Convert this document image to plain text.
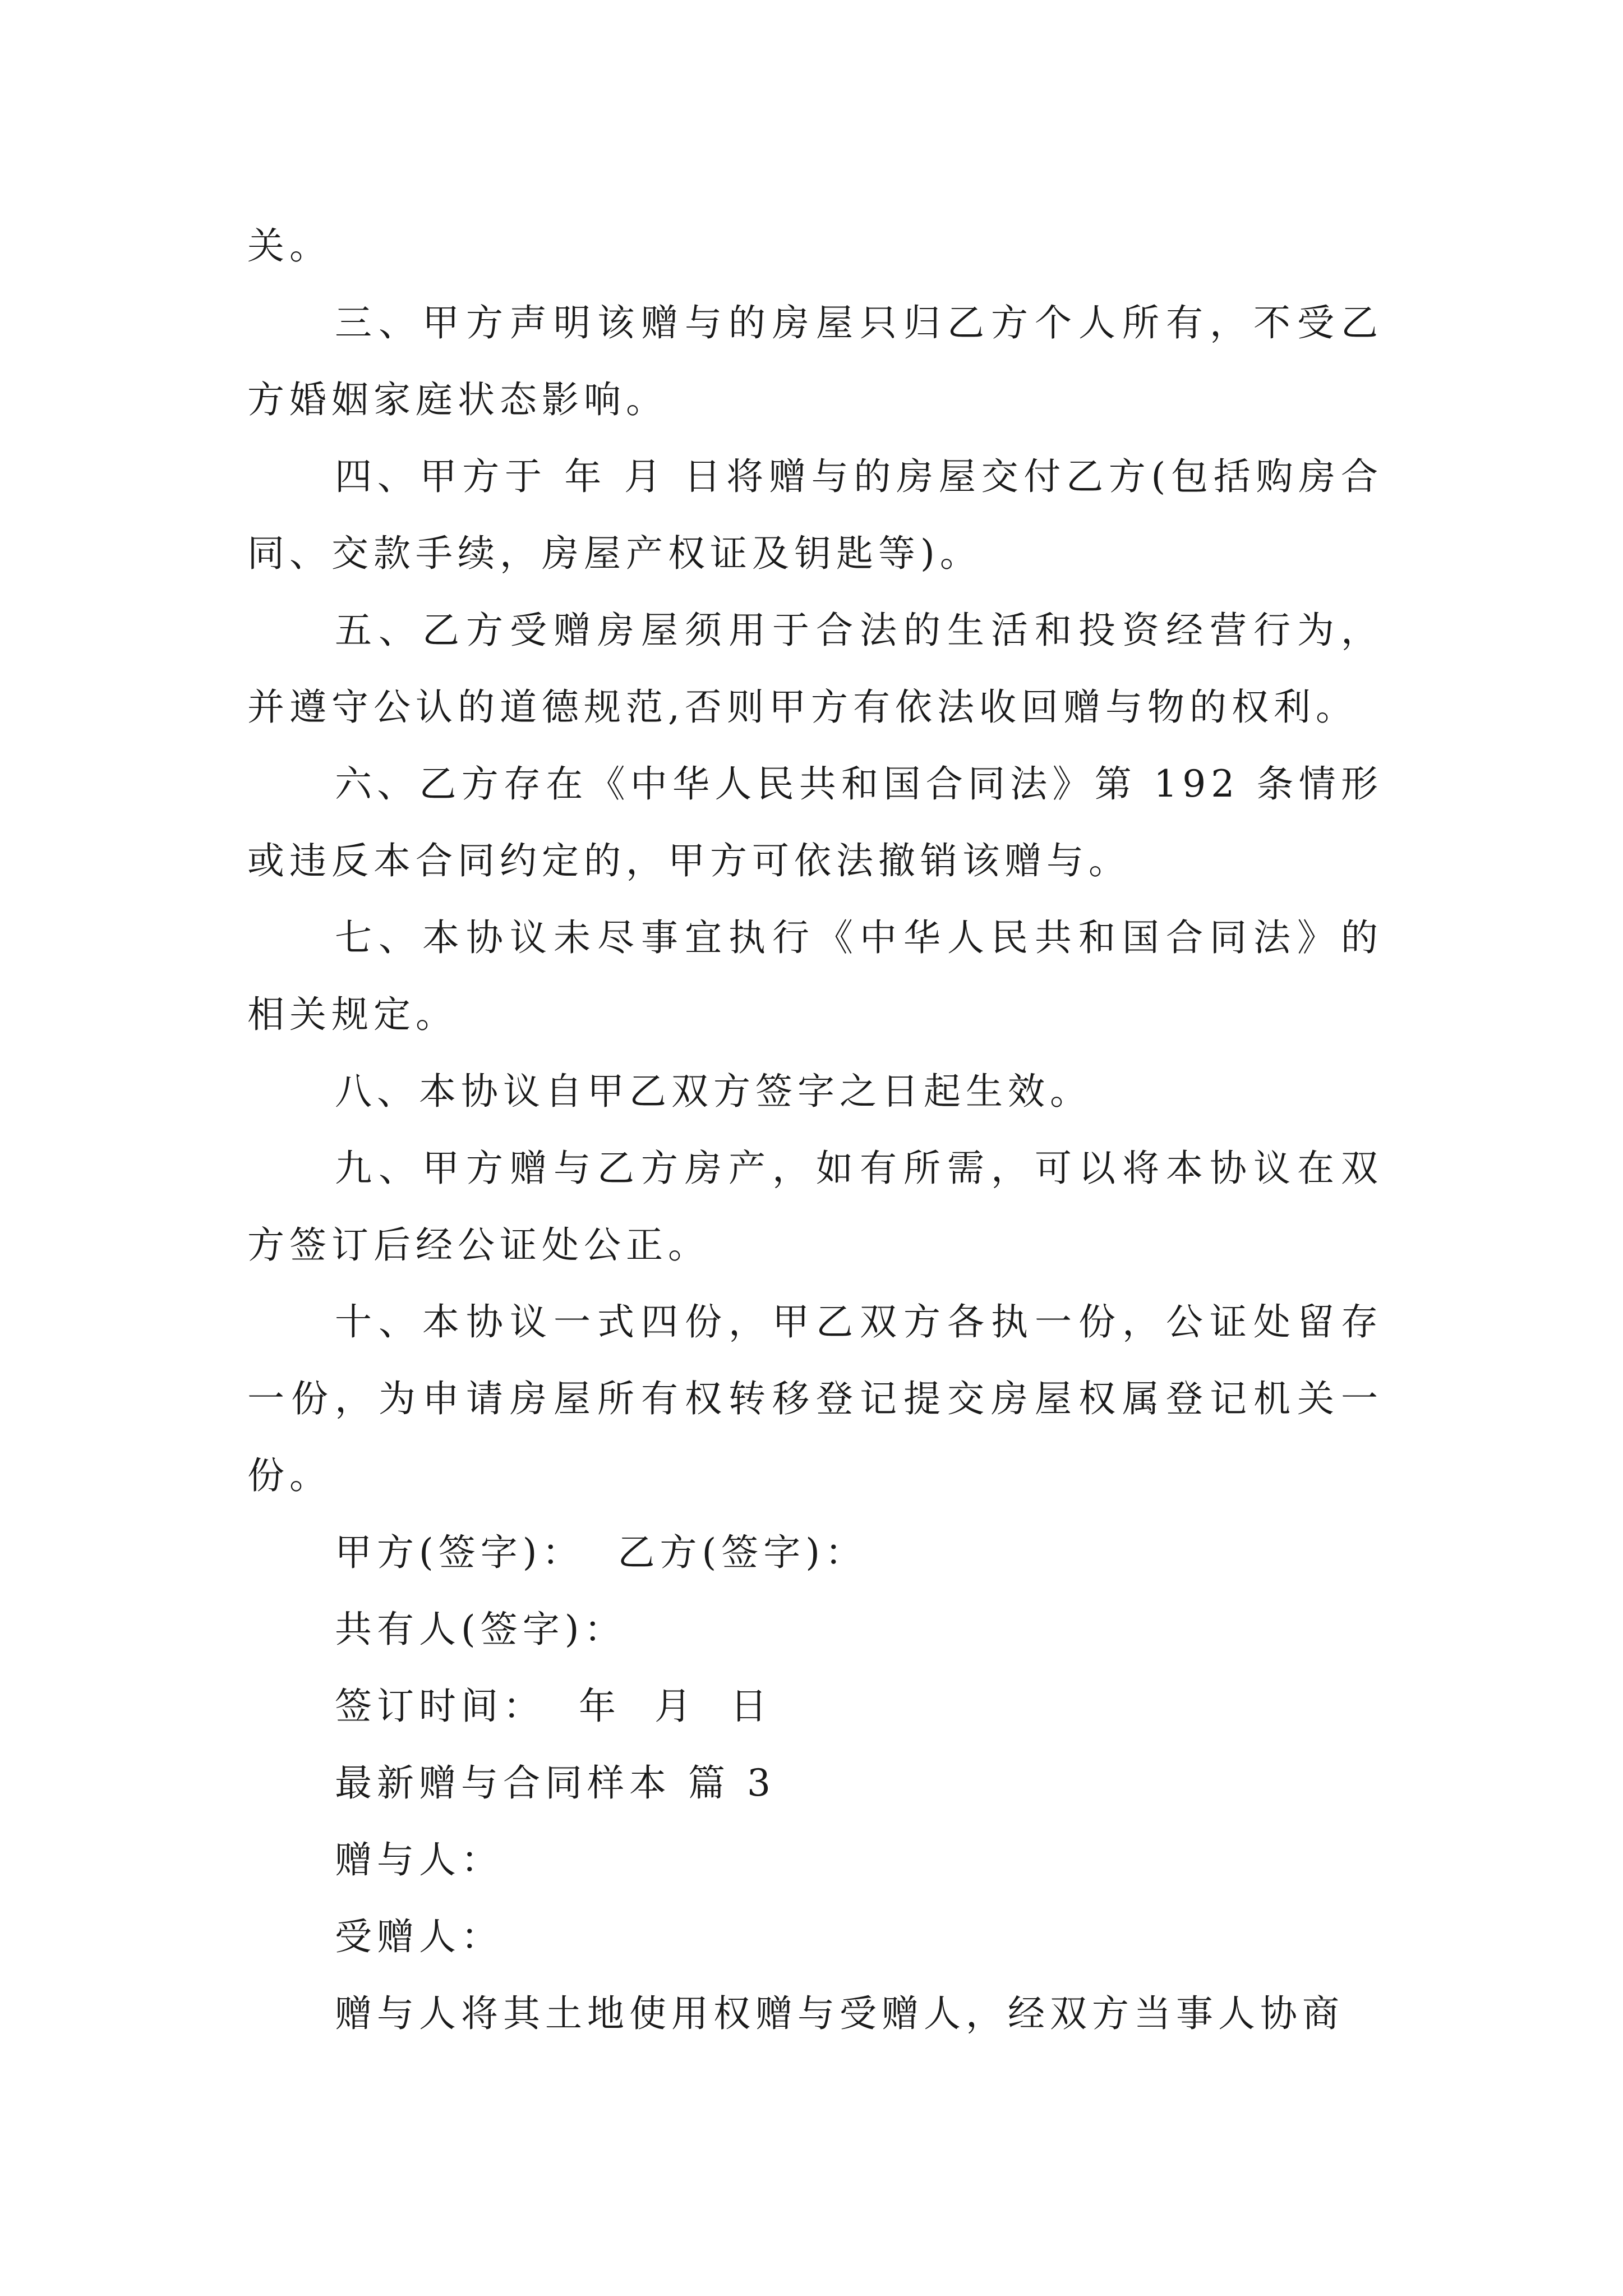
关。

三、甲方声明该赠与的房屋只归乙方个人所有，不受乙方婚姻家庭状态影响。

四、甲方于 年 月 日将赠与的房屋交付乙方(包括购房合同、交款手续，房屋产权证及钥匙等)。

五、乙方受赠房屋须用于合法的生活和投资经营行为，并遵守公认的道德规范,否则甲方有依法收回赠与物的权利。

六、乙方存在《中华人民共和国合同法》第 192 条情形或违反本合同约定的，甲方可依法撤销该赠与。

七、本协议未尽事宜执行《中华人民共和国合同法》的相关规定。

八、本协议自甲乙双方签字之日起生效。

九、甲方赠与乙方房产，如有所需，可以将本协议在双方签订后经公证处公正。

十、本协议一式四份，甲乙双方各执一份，公证处留存一份，为申请房屋所有权转移登记提交房屋权属登记机关一份。

甲方(签字)：  乙方(签字)：

共有人(签字)：

签订时间：  年  月  日

最新赠与合同样本 篇 3

赠与人：

受赠人：

赠与人将其土地使用权赠与受赠人，经双方当事人协商
